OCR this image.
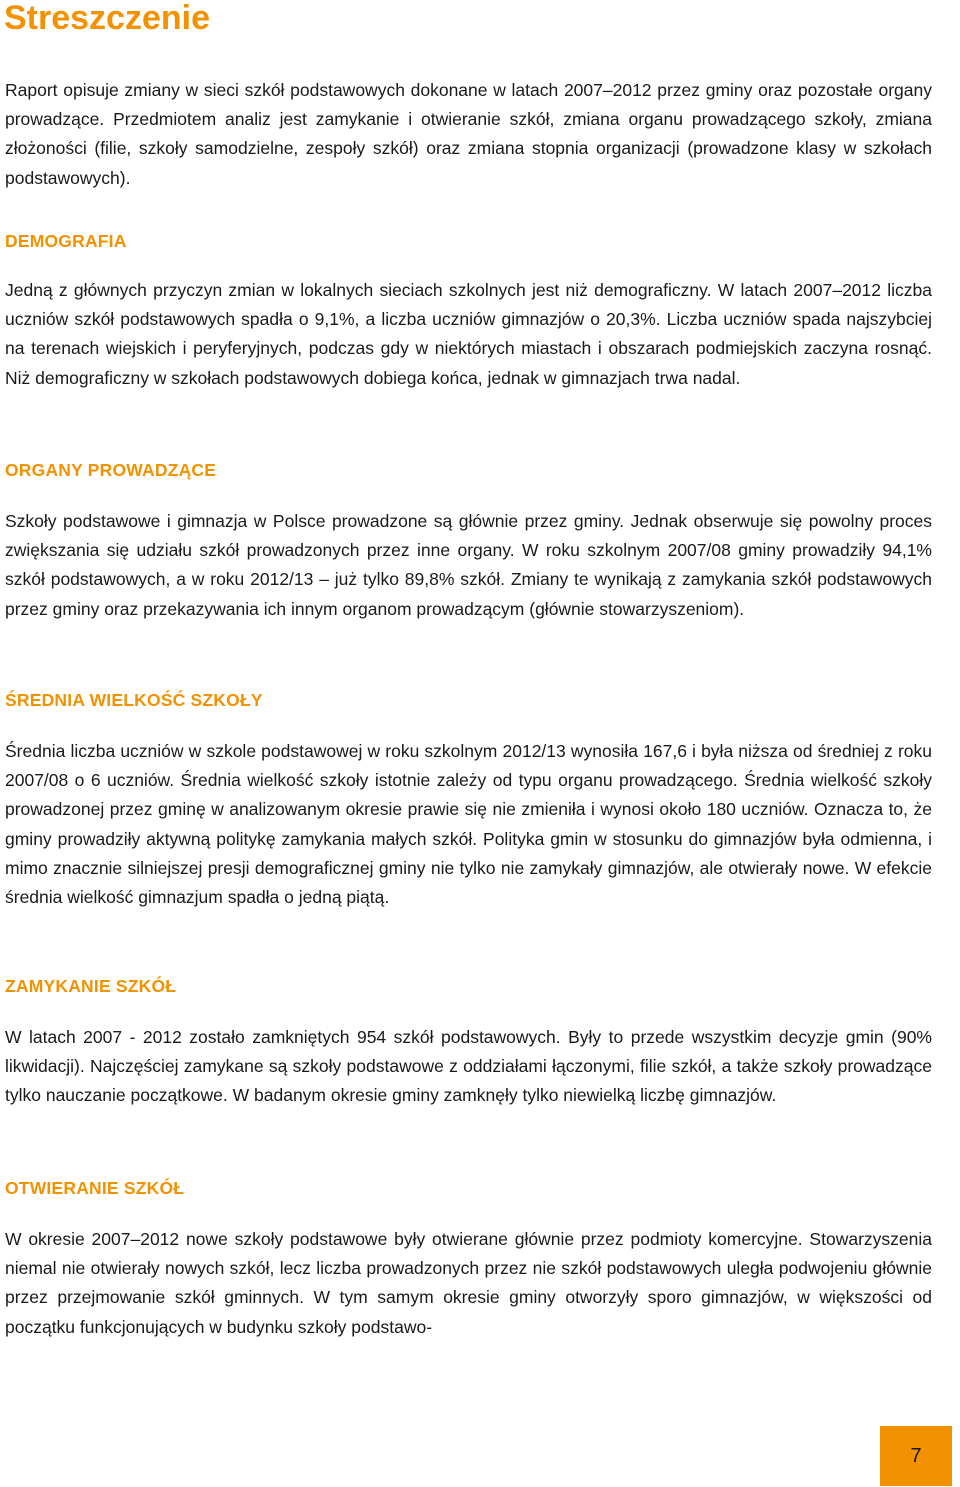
Streszczenie

Raport opisuje zmiany w sieci szkół podstawowych dokonane w latach 2007–2012 przez gminy oraz pozostałe organy prowadzące. Przedmiotem analiz jest zamykanie i otwieranie szkół, zmiana organu prowadzącego szkoły, zmiana złożoności (filie, szkoły samodzielne, zespoły szkół) oraz zmiana stopnia organizacji (prowadzone klasy w szkołach podstawowych).

DEMOGRAFIA

Jedną z głównych przyczyn zmian w lokalnych sieciach szkolnych jest niż demograficzny. W latach 2007–2012 liczba uczniów szkół podstawowych spadła o 9,1%, a liczba uczniów gimnazjów o 20,3%. Liczba uczniów spada najszybciej na terenach wiejskich i peryferyjnych, podczas gdy w niektórych miastach i obszarach podmiejskich zaczyna rosnąć. Niż demograficzny w szkołach podstawowych dobiega końca, jednak w gimnazjach trwa nadal.

ORGANY PROWADZĄCE

Szkoły podstawowe i gimnazja w Polsce prowadzone są głównie przez gminy. Jednak obserwuje się powolny proces zwiększania się udziału szkół prowadzonych przez inne organy. W roku szkolnym 2007/08 gminy prowadziły 94,1% szkół podstawowych, a w roku 2012/13 – już tylko 89,8% szkół. Zmiany te wynikają z zamykania szkół podstawowych przez gminy oraz przekazywania ich innym organom prowadzącym (głównie stowarzyszeniom).

ŚREDNIA WIELKOŚĆ SZKOŁY

Średnia liczba uczniów w szkole podstawowej w roku szkolnym 2012/13 wynosiła 167,6 i była niższa od średniej z roku 2007/08 o 6 uczniów. Średnia wielkość szkoły istotnie zależy od typu organu prowadzącego. Średnia wielkość szkoły prowadzonej przez gminę w analizowanym okresie prawie się nie zmieniła i wynosi około 180 uczniów. Oznacza to, że gminy prowadziły aktywną politykę zamykania małych szkół. Polityka gmin w stosunku do gimnazjów była odmienna, i mimo znacznie silniejszej presji demograficznej gminy nie tylko nie zamykały gimnazjów, ale otwierały nowe. W efekcie średnia wielkość gimnazjum spadła o jedną piątą.

ZAMYKANIE SZKÓŁ

W latach 2007 - 2012 zostało zamkniętych 954 szkół podstawowych. Były to przede wszystkim decyzje gmin (90% likwidacji). Najczęściej zamykane są szkoły podstawowe z oddziałami łączonymi, filie szkół, a także szkoły prowadzące tylko nauczanie początkowe. W badanym okresie gminy zamknęły tylko niewielką liczbę gimnazjów.

OTWIERANIE SZKÓŁ

W okresie 2007–2012 nowe szkoły podstawowe były otwierane głównie przez podmioty komercyjne. Stowarzyszenia niemal nie otwierały nowych szkół, lecz liczba prowadzonych przez nie szkół podstawowych uległa podwojeniu głównie przez przejmowanie szkół gminnych. W tym samym okresie gminy otworzyły sporo gimnazjów, w większości od początku funkcjonujących w budynku szkoły podstawo-

7
